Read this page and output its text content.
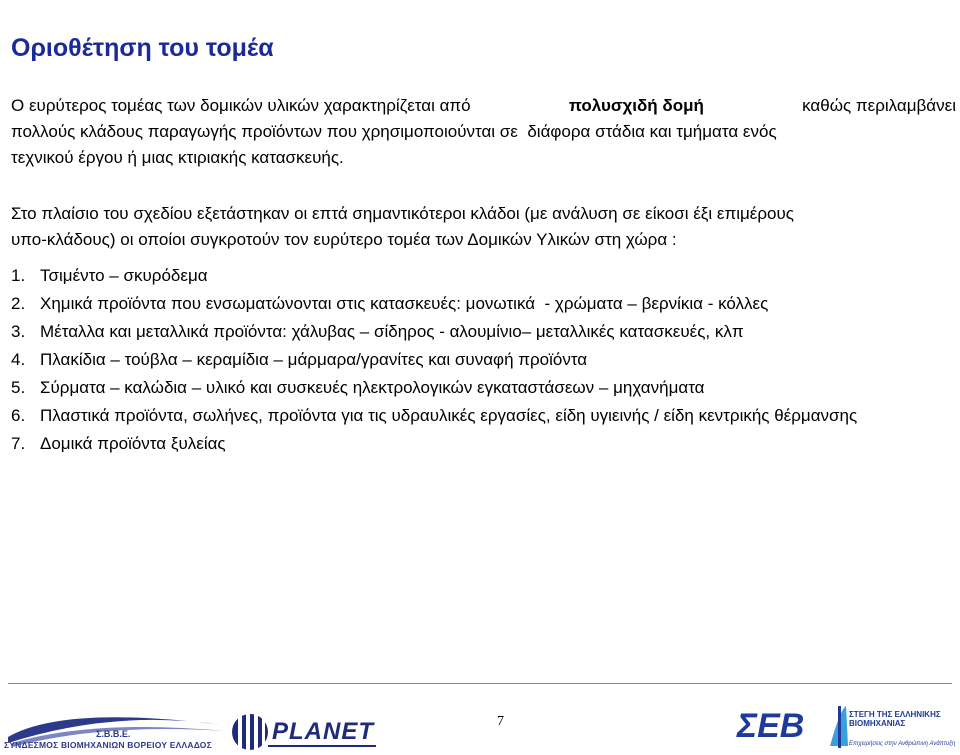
Οριοθέτηση του τομέα
Ο ευρύτερος τομέας των δομικών υλικών χαρακτηρίζεται από	πολυσχιδή δομή	καθώς περιλαμβάνει
πολλούς κλάδους παραγωγής προϊόντων που χρησιμοποιούνται σε  διάφορα στάδια και τμήματα ενός
τεχνικού έργου ή μιας κτιριακής κατασκευής.
Στο πλαίσιο του σχεδίου εξετάστηκαν οι επτά σημαντικότεροι κλάδοι (με ανάλυση σε είκοσι έξι επιμέρους
υπο-κλάδους) οι οποίοι συγκροτούν τον ευρύτερο τομέα των Δομικών Υλικών στη χώρα :
1. Τσιμέντο – σκυρόδεμα
2. Χημικά προϊόντα που ενσωματώνονται στις κατασκευές: μονωτικά  - χρώματα – βερνίκια - κόλλες
3. Μέταλλα και μεταλλικά προϊόντα: χάλυβας – σίδηρος - αλουμίνιο– μεταλλικές κατασκευές, κλπ
4. Πλακίδια – τούβλα – κεραμίδια – μάρμαρα/γρανίτες και συναφή προϊόντα
5. Σύρματα – καλώδια – υλικό και συσκευές ηλεκτρολογικών εγκαταστάσεων – μηχανήματα
6. Πλαστικά προϊόντα, σωλήνες, προϊόντα για τις υδραυλικές εργασίες, είδη υγιεινής / είδη κεντρικής θέρμανσης
7. Δομικά προϊόντα ξυλείας
Σ.Β.Β.Ε.
ΣΥΝΔΕΣΜΟΣ ΒΙΟΜΗΧΑΝΙΩΝ ΒΟΡΕΙΟΥ ΕΛΛΑΔΟΣ	PLANET	7	ΣΕΒ	ΣΤΕΓΗ ΤΗΣ ΕΛΛΗΝΙΚΗΣ
ΒΙΟΜΗΧΑΝΙΑΣ
Επιχειρήσεις στην Ανθρώπινη Ανάπτυξη
